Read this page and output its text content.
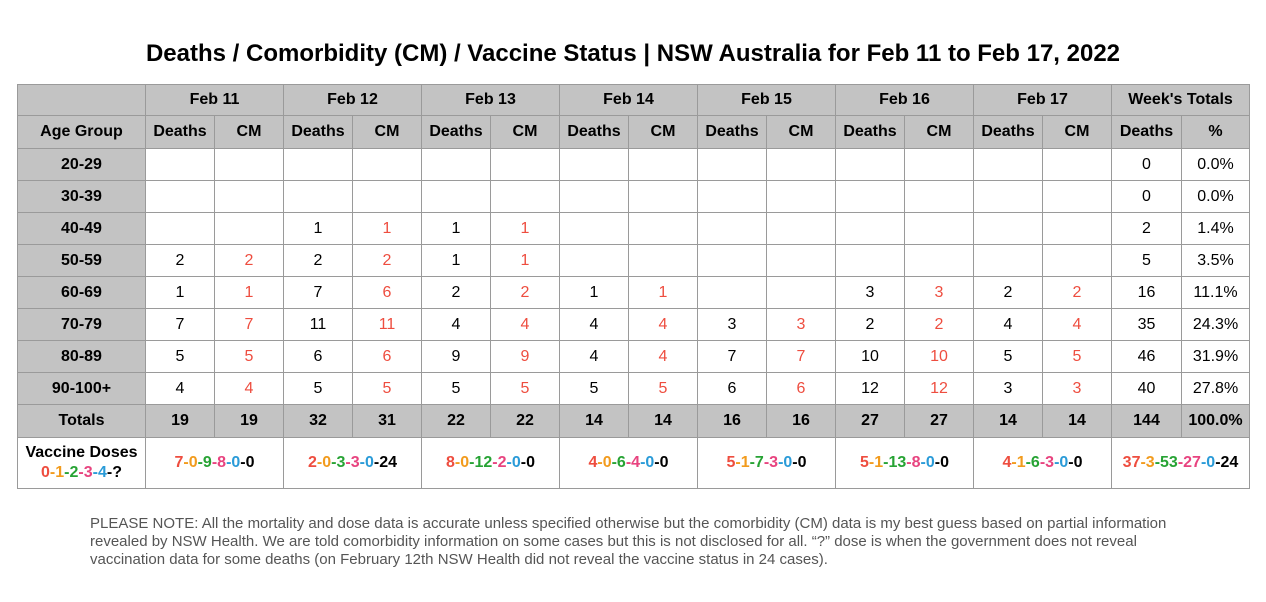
Deaths / Comorbidity (CM) / Vaccine Status | NSW Australia for Feb 11 to Feb 17, 2022
	Feb 11		Feb 12		Feb 13		Feb 14		Feb 15		Feb 16		Feb 17		Week's Totals	
Age Group	Deaths	CM	Deaths	CM	Deaths	CM	Deaths	CM	Deaths	CM	Deaths	CM	Deaths	CM	Deaths	%
20-29															0	0.0%
30-39															0	0.0%
40-49			1	1	1	1									2	1.4%
50-59	2	2	2	2	1	1									5	3.5%
60-69	1	1	7	6	2	2	1	1			3	3	2	2	16	11.1%
70-79	7	7	11	11	4	4	4	4	3	3	2	2	4	4	35	24.3%
80-89	5	5	6	6	9	9	4	4	7	7	10	10	5	5	46	31.9%
90-100+	4	4	5	5	5	5	5	5	6	6	12	12	3	3	40	27.8%
Totals	19	19	32	31	22	22	14	14	16	16	27	27	14	14	144	100.0%

Vaccine Doses
0-1-2-3-4-?	7-0-9-8-0-0		2-0-3-3-0-24		8-0-12-2-0-0		4-0-6-4-0-0		5-1-7-3-0-0		5-1-13-8-0-0		4-1-6-3-0-0		37-3-53-27-0-24	
PLEASE NOTE: All the mortality and dose data is accurate unless specified otherwise but the comorbidity (CM) data is my best guess based on partial information revealed by NSW Health. We are told comorbidity information on some cases but this is not disclosed for all. “?” dose is when the government does not reveal vaccination data for some deaths (on February 12th NSW Health did not reveal the vaccine status in 24 cases).
